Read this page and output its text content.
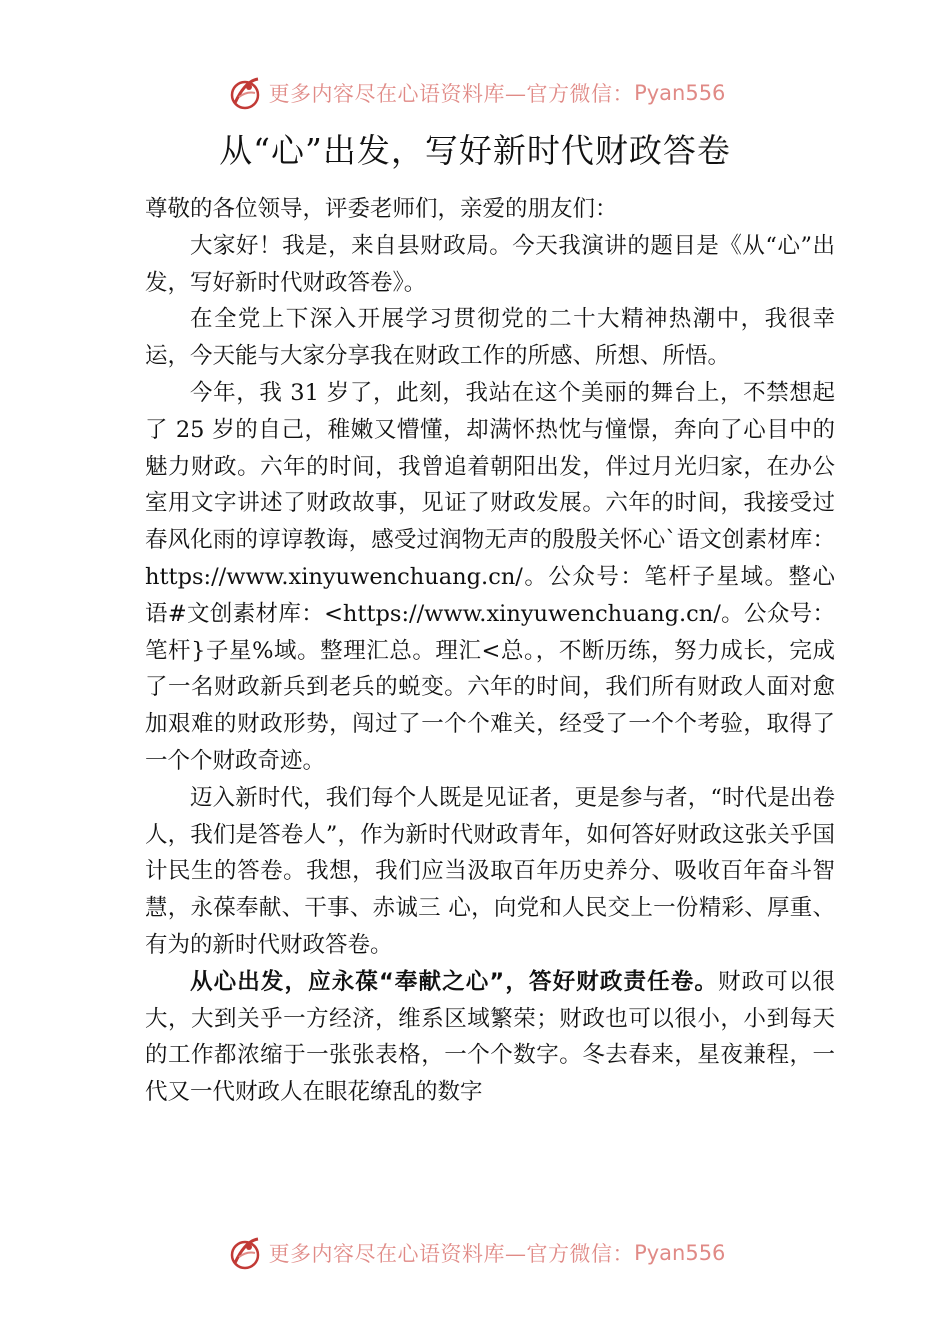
更多内容尽在心语资料库—官方微信： Pyan556
从“心”出发，写好新时代财政答卷

尊敬的各位领导，评委老师们，亲爱的朋友们：

大家好！我是，来自县财政局。今天我演讲的题目是《从“心”出发，写好新时代财政答卷》。

在全党上下深入开展学习贯彻党的二十大精神热潮中，我很幸运，今天能与大家分享我在财政工作的所感、所想、所悟。

今年，我 31 岁了，此刻，我站在这个美丽的舞台上，不禁想起了 25 岁的自己，稚嫩又懵懂，却满怀热忱与憧憬，奔向了心目中的魅力财政。六年的时间，我曾追着朝阳出发，伴过月光归家，在办公室用文字讲述了财政故事，见证了财政发展。六年的时间，我接受过春风化雨的谆谆教诲，感受过润物无声的殷殷关怀心`语文创素材库：https://www.xinyuwenchuang.cn/。公众号：笔杆子星域。整心语#文创素材库：<https://www.xinyuwenchuang.cn/。公众号：笔杆}子星%域。整理汇总。理汇<总。，不断历练，努力成长，完成了一名财政新兵到老兵的蜕变。六年的时间，我们所有财政人面对愈加艰难的财政形势，闯过了一个个难关，经受了一个个考验，取得了一个个财政奇迹。

迈入新时代，我们每个人既是见证者，更是参与者，“时代是出卷人，我们是答卷人”，作为新时代财政青年，如何答好财政这张关乎国计民生的答卷。我想，我们应当汲取百年历史养分、吸收百年奋斗智慧，永葆奉献、干事、赤诚三 心，向党和人民交上一份精彩、厚重、有为的新时代财政答卷。

从心出发，应永葆“奉献之心”，答好财政责任卷。财政可以很大，大到关乎一方经济，维系区域繁荣；财政也可以很小，小到每天的工作都浓缩于一张张表格，一个个数字。冬去春来，星夜兼程，一代又一代财政人在眼花缭乱的数字

更多内容尽在心语资料库—官方微信： Pyan556
